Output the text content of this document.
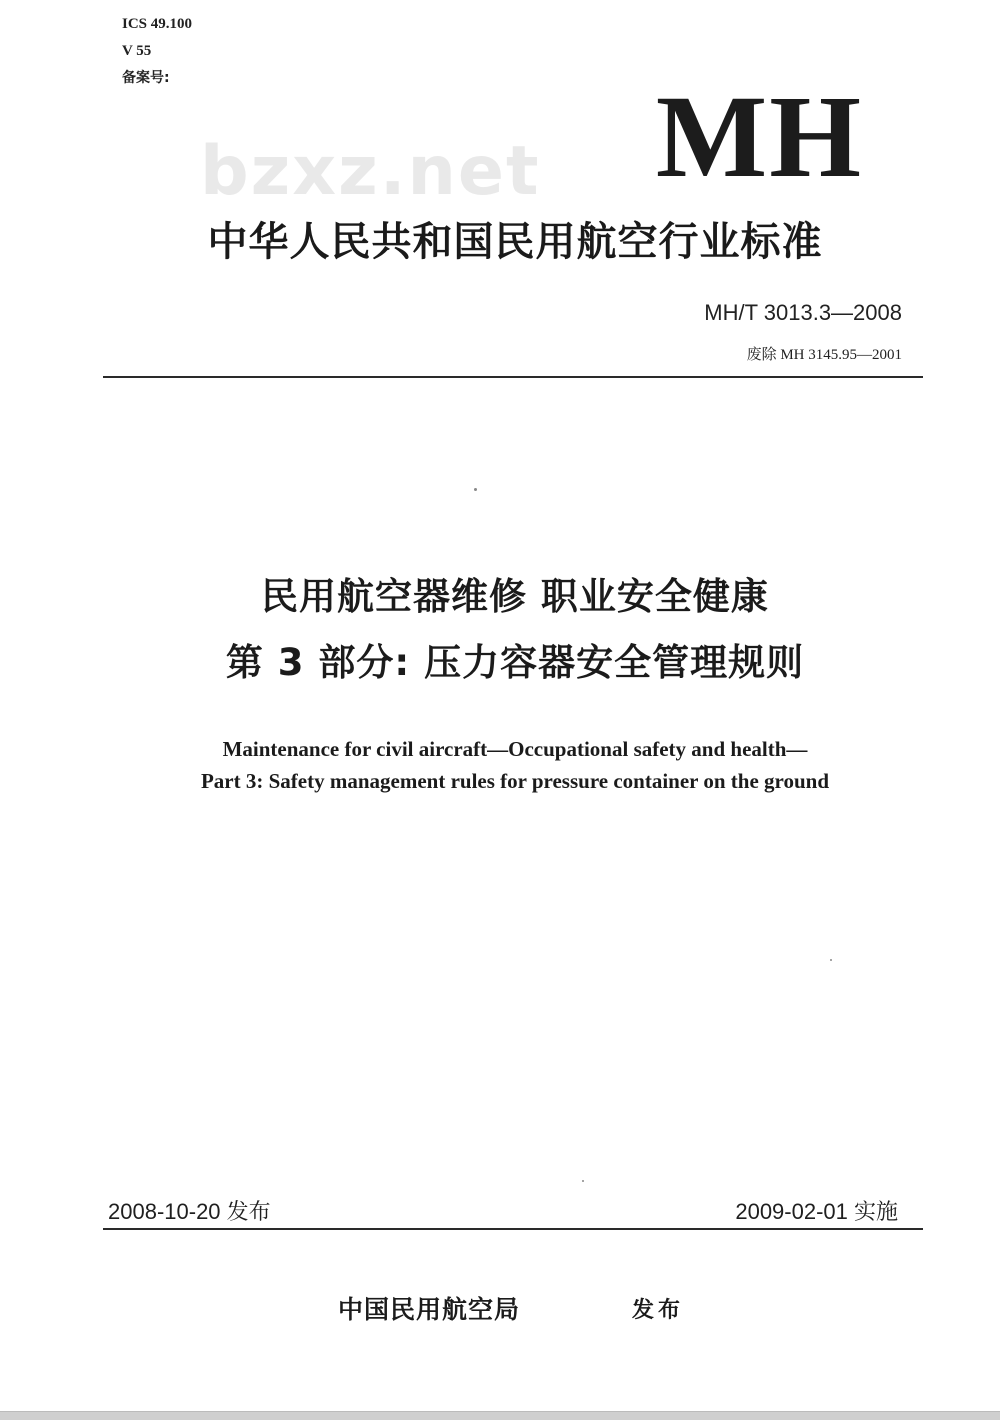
ICS 49.100
V 55
备案号:
bzxz.net MH
中华人民共和国民用航空行业标准
MH/T 3013.3—2008
废除 MH 3145.95—2001
民用航空器维修 职业安全健康
第 3 部分: 压力容器安全管理规则
Maintenance for civil aircraft—Occupational safety and health—
Part 3: Safety management rules for pressure container on the ground
2008-10-20 发布	2009-02-01 实施
中国民用航空局	发布
